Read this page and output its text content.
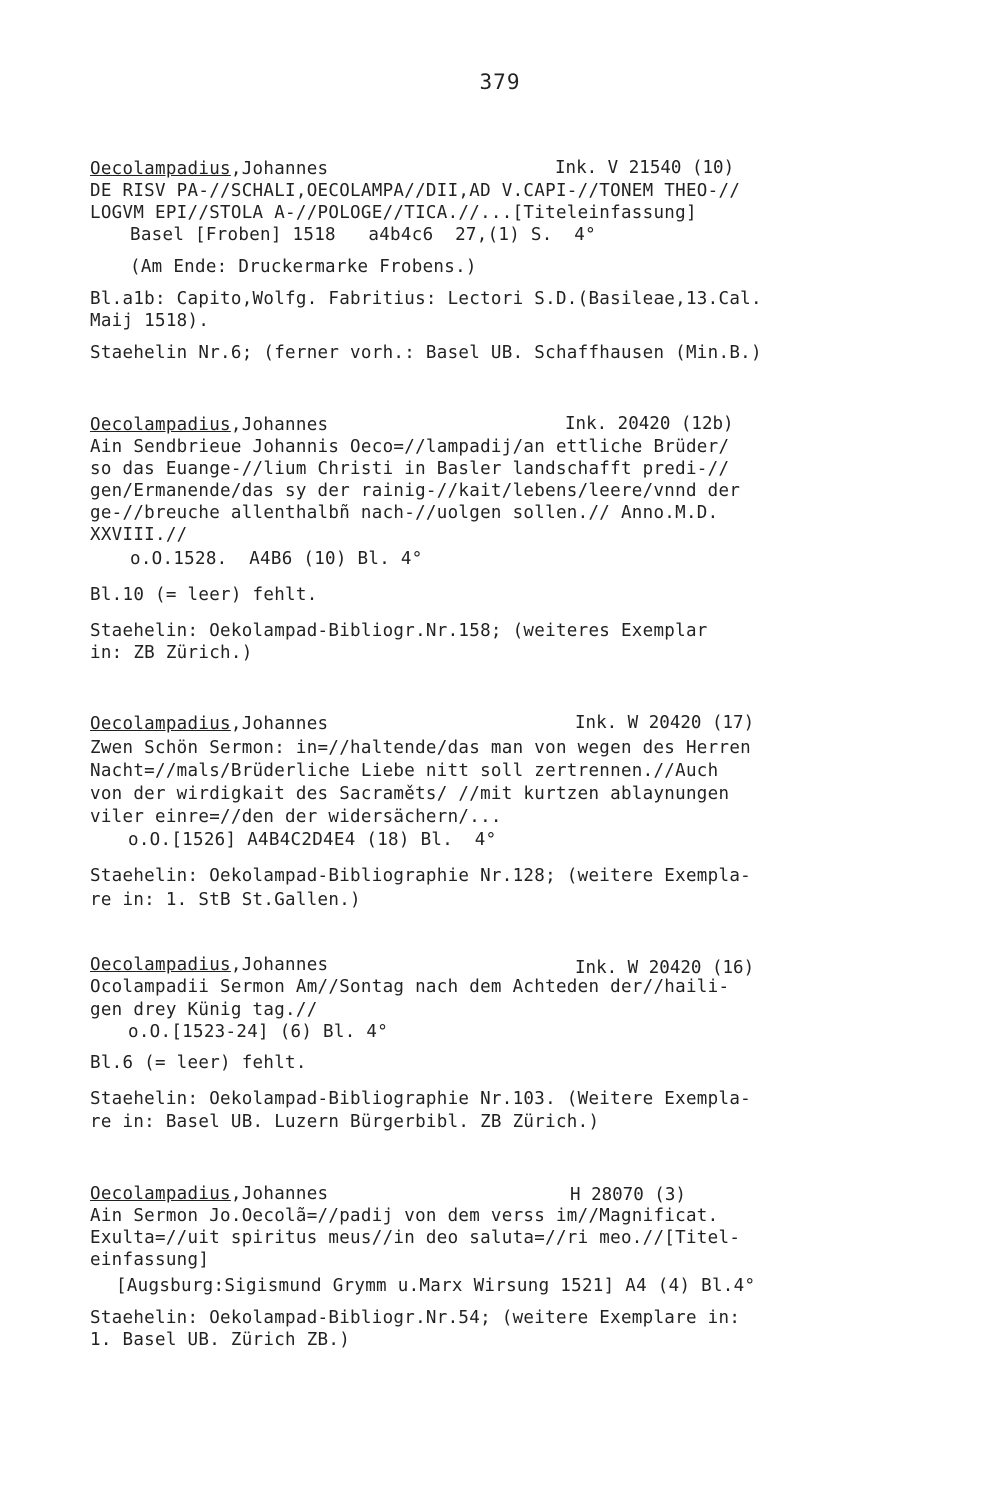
379
Oecolampadius,Johannes	Ink. V 21540 (10)
DE RISV PA-//SCHALI,OECOLAMPA//DII,AD V.CAPI-//TONEM THEO-//
LOGVM EPI//STOLA A-//POLOGE//TICA.//...[Titeleinfassung]
Basel [Froben] 1518   a4b4c6  27,(1) S.  4°
(Am Ende: Druckermarke Frobens.)
Bl.a1b: Capito,Wolfg. Fabritius: Lectori S.D.(Basileae,13.Cal.
Maij 1518).
Staehelin Nr.6; (ferner vorh.: Basel UB. Schaffhausen (Min.B.)
Oecolampadius,Johannes	Ink. 20420 (12b)
Ain Sendbrieue Johannis Oeco=//lampadij/an ettliche Brüder/
so das Euange-//lium Christi in Basler landschafft predi-//
gen/Ermanende/das sy der rainig-//kait/lebens/leere/vnnd der
ge-//breuche allenthalbñ nach-//uolgen sollen.// Anno.M.D.
XXVIII.//
o.O.1528.  A4B6 (10) Bl. 4°
Bl.10 (= leer) fehlt.
Staehelin: Oekolampad-Bibliogr.Nr.158; (weiteres Exemplar
in: ZB Zürich.)
Oecolampadius,Johannes	Ink. W 20420 (17)
Zwen Schön Sermon: in=//haltende/das man von wegen des Herren
Nacht=//mals/Brüderliche Liebe nitt soll zertrennen.//Auch
von der wirdigkait des Sacraměts/ //mit kurtzen ablaynungen
viler einre=//den der widersächern/...
o.O.[1526] A4B4C2D4E4 (18) Bl.  4°
Staehelin: Oekolampad-Bibliographie Nr.128; (weitere Exempla-
re in: 1. StB St.Gallen.)
Oecolampadius,Johannes	Ink. W 20420 (16)
Ocolampadii Sermon Am//Sontag nach dem Achteden der//haili-
gen drey Künig tag.//
o.O.[1523-24] (6) Bl. 4°
Bl.6 (= leer) fehlt.
Staehelin: Oekolampad-Bibliographie Nr.103. (Weitere Exempla-
re in: Basel UB. Luzern Bürgerbibl. ZB Zürich.)
Oecolampadius,Johannes	H 28070 (3)
Ain Sermon Jo.Oecolã=//padij von dem verss im//Magnificat.
Exulta=//uit spiritus meus//in deo saluta=//ri meo.//[Titel-
einfassung]
[Augsburg:Sigismund Grymm u.Marx Wirsung 1521] A4 (4) Bl.4°
Staehelin: Oekolampad-Bibliogr.Nr.54; (weitere Exemplare in:
1. Basel UB. Zürich ZB.)
